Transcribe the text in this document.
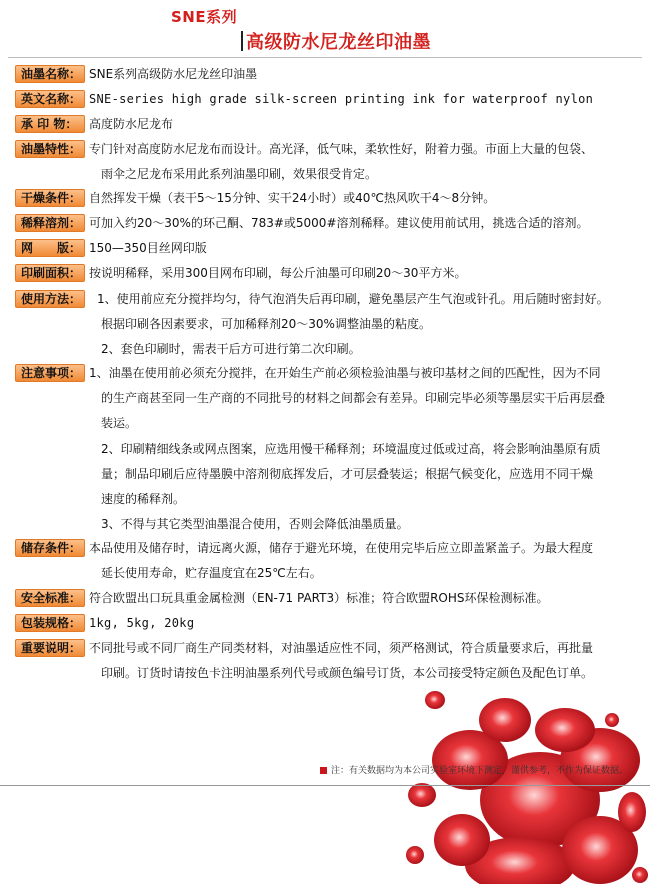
SNE系列
高级防水尼龙丝印油墨
油墨名称： SNE系列高级防水尼龙丝印油墨
英文名称： SNE-series high grade silk-screen printing ink for waterproof nylon
承 印 物： 高度防水尼龙布
油墨特性： 专门针对高度防水尼龙布而设计。高光泽，低气味，柔软性好，附着力强。市面上大量的包袋、
雨伞之尼龙布采用此系列油墨印刷，效果很受肯定。
干燥条件： 自然挥发干燥（表干5～15分钟、实干24小时）或40℃热风吹干4～8分钟。
稀释溶剂： 可加入约20～30%的环己酮、783#或5000#溶剂稀释。建议使用前试用，挑选合适的溶剂。
网　　版： 150—350目丝网印版
印刷面积： 按说明稀释，采用300目网布印刷，每公斤油墨可印刷20～30平方米。
使用方法：	1、使用前应充分搅拌均匀，待气泡消失后再印刷，避免墨层产生气泡或针孔。用后随时密封好。
根据印刷各因素要求，可加稀释剂20～30%调整油墨的粘度。
2、套色印刷时，需表干后方可进行第二次印刷。
注意事项： 1、油墨在使用前必须充分搅拌，在开始生产前必须检验油墨与被印基材之间的匹配性，因为不同
的生产商甚至同一生产商的不同批号的材料之间都会有差异。印刷完毕必须等墨层实干后再层叠
装运。
2、印刷精细线条或网点图案，应选用慢干稀释剂；环境温度过低或过高，将会影响油墨原有质
量；制品印刷后应待墨膜中溶剂彻底挥发后，才可层叠装运；根据气候变化，应选用不同干燥
速度的稀释剂。
3、不得与其它类型油墨混合使用，否则会降低油墨质量。
储存条件： 本品使用及储存时，请远离火源，储存于避光环境，在使用完毕后应立即盖紧盖子。为最大程度
延长使用寿命，贮存温度宜在25℃左右。
安全标准： 符合欧盟出口玩具重金属检测（EN-71 PART3）标准；符合欧盟ROHS环保检测标准。
包装规格： 1kg, 5kg, 20kg
重要说明： 不同批号或不同厂商生产同类材料，对油墨适应性不同，须严格测试，符合质量要求后，再批量
印刷。订货时请按色卡注明油墨系列代号或颜色编号订货，本公司接受特定颜色及配色订单。
注：有关数据均为本公司实验室环境下测定，谨供参考，不作为保证数据。
